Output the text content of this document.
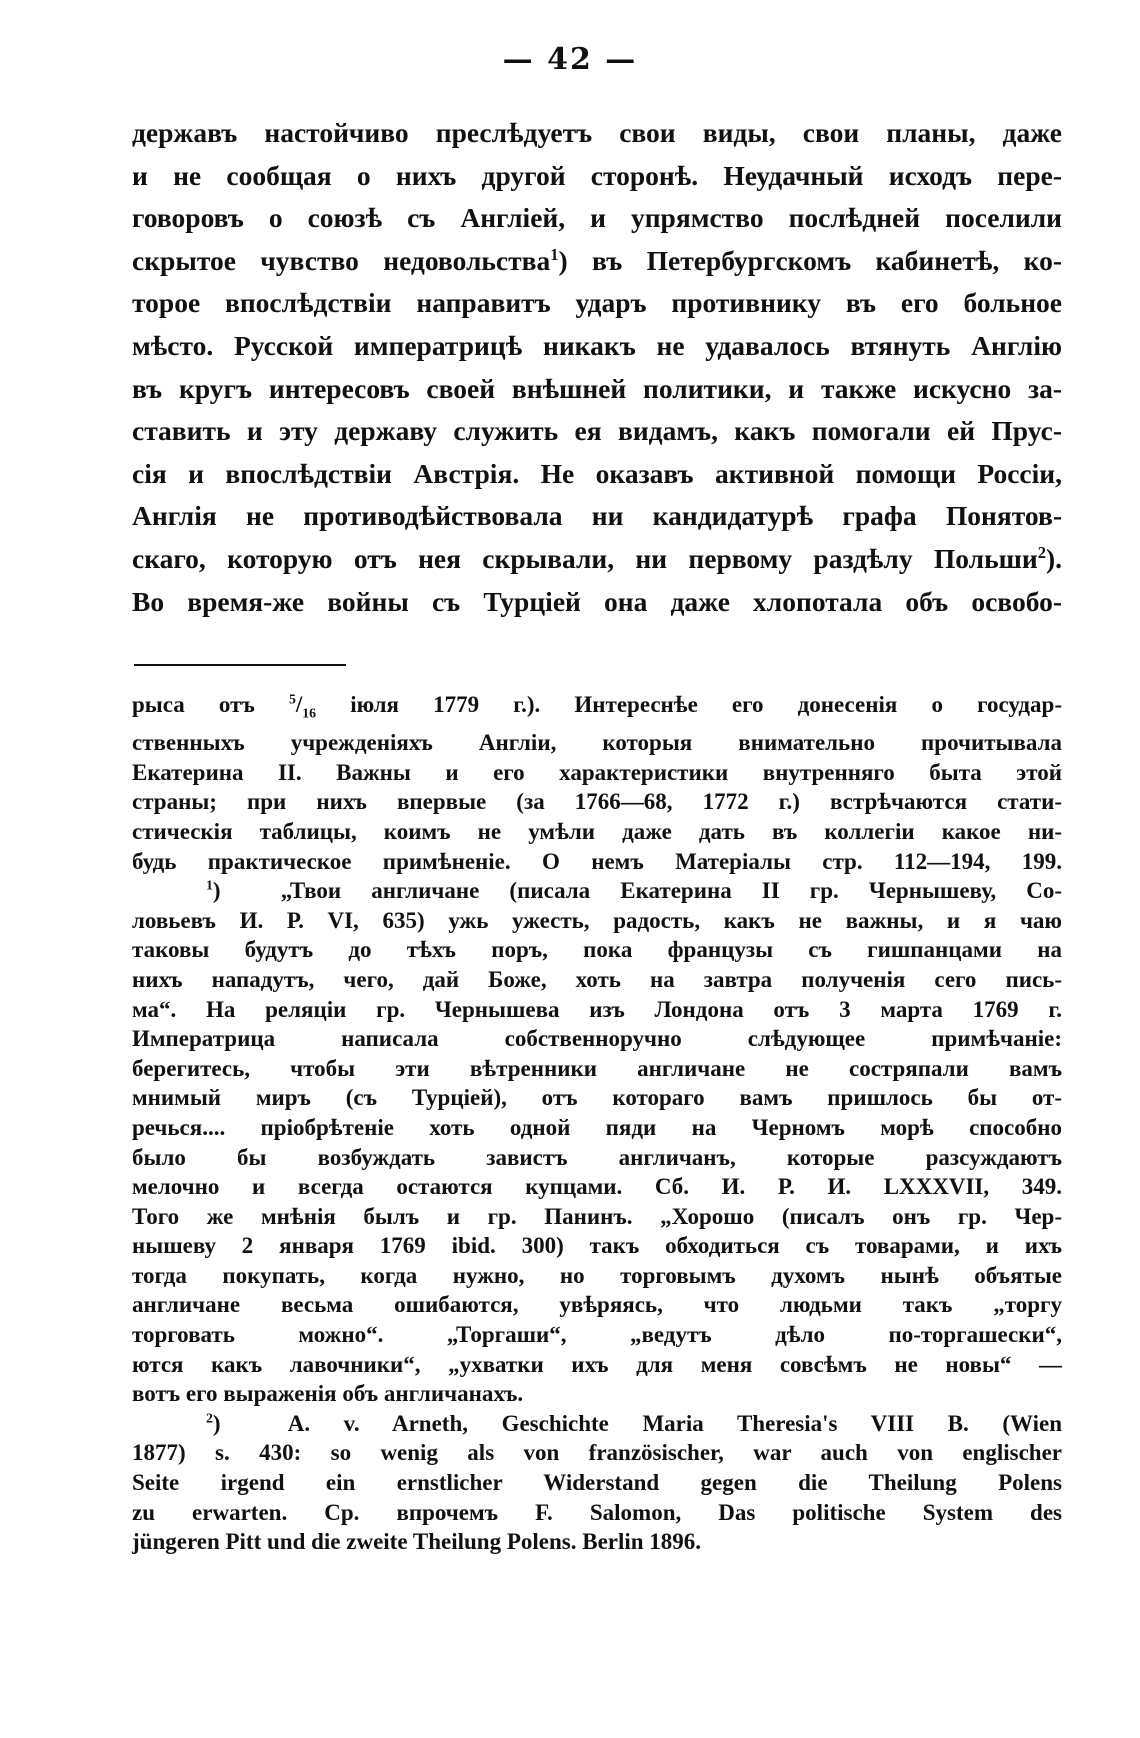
— 42 —
державъ настойчиво преслѣдуетъ свои виды, свои планы, даже
и не сообщая о нихъ другой сторонѣ. Неудачный исходъ пере-
говоровъ о союзѣ съ Англіей, и упрямство послѣдней поселили
скрытое чувство недовольства$^1$) въ Петербургскомъ кабинетѣ, ко-
торое впослѣдствіи направитъ ударъ противнику въ его больное
мѣсто. Русской императрицѣ никакъ не удавалось втянуть Англію
въ кругъ интересовъ своей внѣшней политики, и также искусно за-
ставить и эту державу служить ея видамъ, какъ помогали ей Прус-
сія и впослѣдствіи Австрія. Не оказавъ активной помощи Россіи,
Англія не противодѣйствовала ни кандидатурѣ графа Понятов-
скаго, которую отъ нея скрывали, ни первому раздѣлу Польши$^2$).
Во время-же войны съ Турціей она даже хлопотала объ освобо-
рыса отъ $^5/_{16}$ іюля 1779 г.). Интереснѣе его донесенія о государ-
ственныхъ учрежденіяхъ Англіи, которыя внимательно прочитывала
Екатерина II. Важны и его характеристики внутренняго быта этой
страны; при нихъ впервые (за 1766—68, 1772 г.) встрѣчаются стати-
стическія таблицы, коимъ не умѣли даже дать въ коллегіи какое ни-
будь практическое примѣненіе. О немъ Матеріалы стр. 112—194, 199.
$^1$)  „Твои англичане (писала Екатерина II гр. Чернышеву, Со-
ловьевъ И. Р. VI, 635) ужь ужесть, радость, какъ не важны, и я чаю
таковы будутъ до тѣхъ поръ, пока французы съ гишпанцами на
нихъ нападутъ, чего, дай Боже, хоть на завтра полученія сего пись-
ма“. На реляціи гр. Чернышева изъ Лондона отъ 3 марта 1769 г.
Императрица написала собственноручно слѣдующее примѣчаніе:
берегитесь, чтобы эти вѣтренники англичане не состряпали вамъ
мнимый миръ (съ Турціей), отъ котораго вамъ пришлось бы от-
речься.... пріобрѣтеніе хоть одной пяди на Черномъ морѣ способно
было бы возбуждать завистъ англичанъ, которые разсуждаютъ
мелочно и всегда остаются купцами. Сб. И. Р. И. LXXXVII, 349.
Того же мнѣнія былъ и гр. Панинъ. „Хорошо (писалъ онъ гр. Чер-
нышеву 2 января 1769 ibid. 300) такъ обходиться съ товарами, и ихъ
тогда покупать, когда нужно, но торговымъ духомъ нынѣ объятые
англичане весьма ошибаются, увѣряясь, что людьми такъ „торгу
торговать можно“. „Торгаши“, „ведутъ дѣло по-торгашески“,
ются какъ лавочники“, „ухватки ихъ для меня совсѣмъ не новы“ —
вотъ его выраженія объ англичанахъ.
$^2$)  A. v. Arneth, Geschichte Maria Theresia's VIII B. (Wien
1877) s. 430: so wenig als von französischer, war auch von englischer
Seite irgend ein ernstlicher Widerstand gegen die Theilung Polens
zu erwarten. Ср. впрочемъ F. Salomon, Das politische System des
jüngeren Pitt und die zweite Theilung Polens. Berlin 1896.
